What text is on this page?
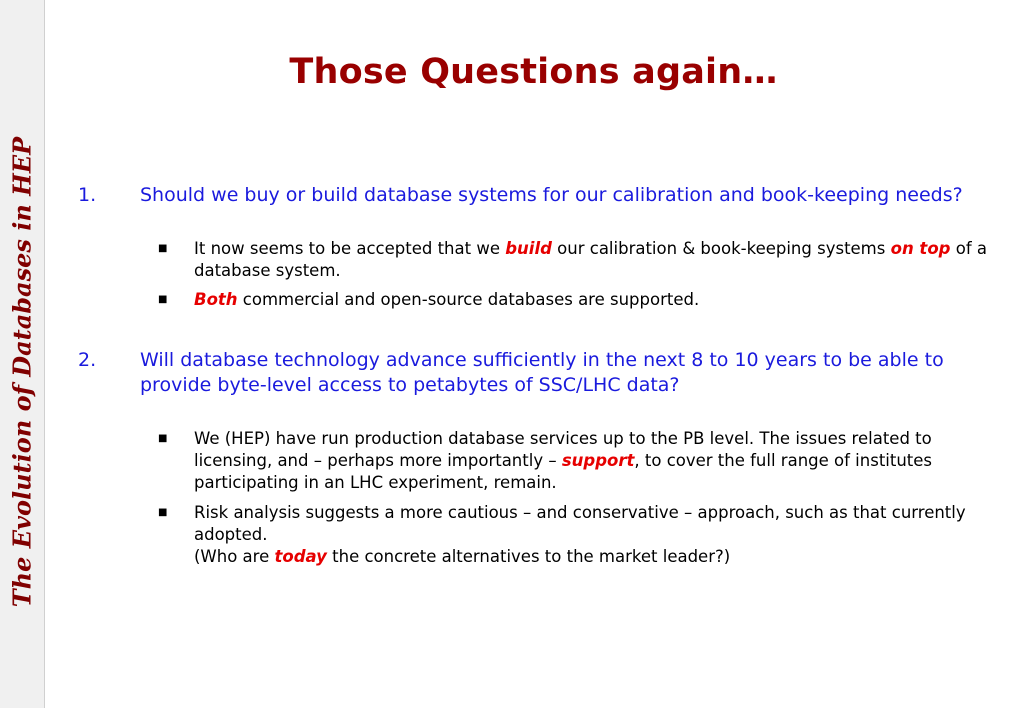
The Evolution of Databases in HEP
Those Questions again…
1.	Should we buy or build database systems for our calibration and book-keeping needs?
■	It now seems to be accepted that we build our calibration & book-keeping systems on top of a database system.
■	Both commercial and open-source databases are supported.
2.	Will database technology advance sufficiently in the next 8 to 10 years to be able to provide byte-level access to petabytes of SSC/LHC data?
■	We (HEP) have run production database services up to the PB level. The issues related to licensing, and – perhaps more importantly – support, to cover the full range of institutes participating in an LHC experiment, remain.
■	Risk analysis suggests a more cautious – and conservative – approach, such as that currently adopted.
(Who are today the concrete alternatives to the market leader?)
